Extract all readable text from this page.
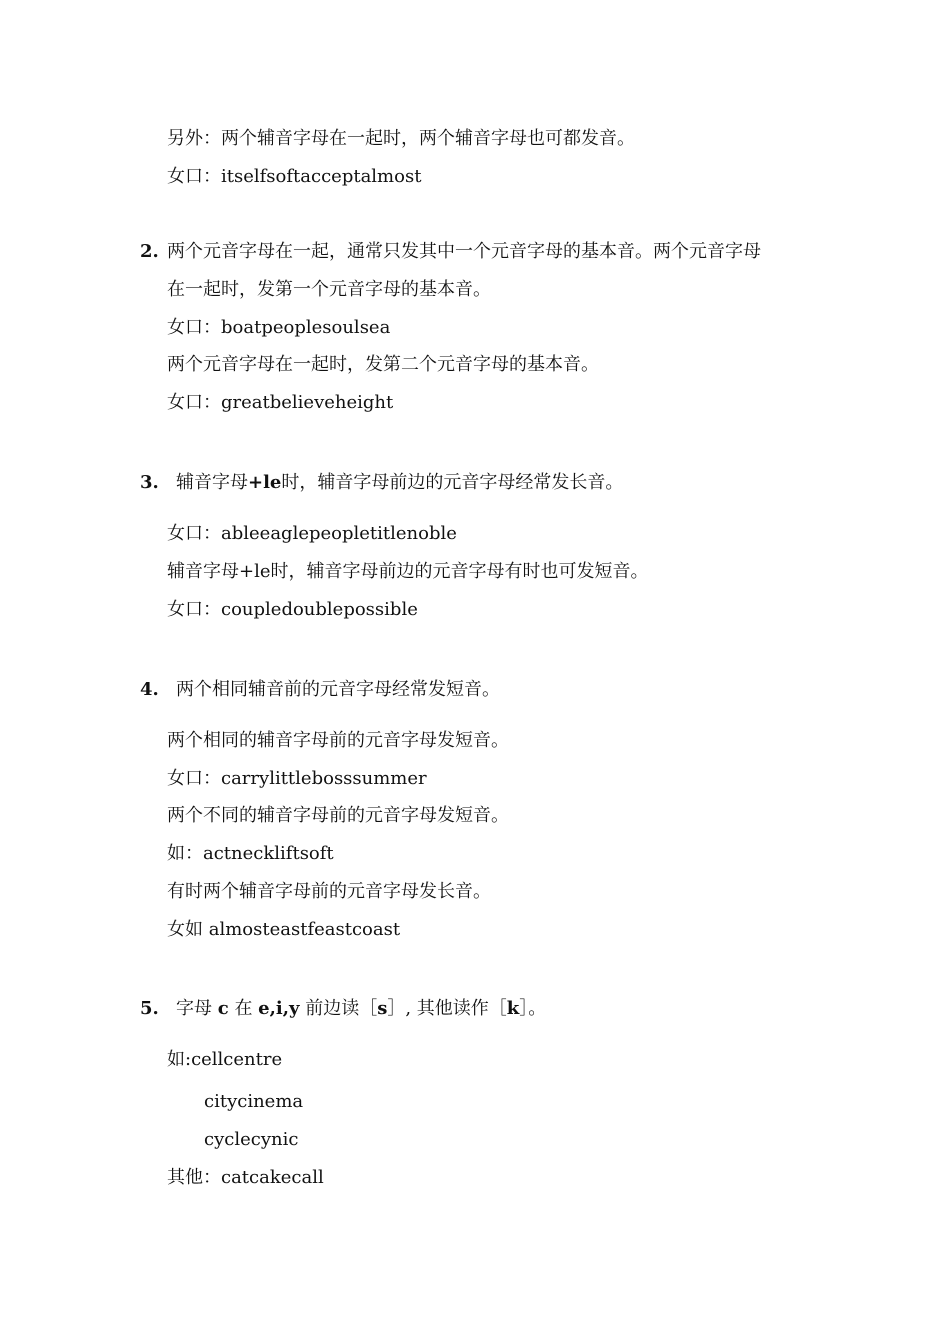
另外：两个辅音字母在一起时，两个辅音字母也可都发音。
女口：itselfsoftacceptalmost
2. 两个元音字母在一起，通常只发其中一个元音字母的基本音。两个元音字母
在一起时，发第一个元音字母的基本音。
女口：boatpeoplesoulsea
两个元音字母在一起时，发第二个元音字母的基本音。
女口：greatbelieveheight
3. 辅音字母+le时，辅音字母前边的元音字母经常发长音。
女口：ableeaglepeopletitlenoble
辅音字母+le时，辅音字母前边的元音字母有时也可发短音。
女口：coupledoublepossible
4. 两个相同辅音前的元音字母经常发短音。
两个相同的辅音字母前的元音字母发短音。
女口：carrylittlebosssummer
两个不同的辅音字母前的元音字母发短音。
如：actneckliftsoft
有时两个辅音字母前的元音字母发长音。
女如 almosteastfeastcoast
5. 字母 c 在 e,i,y 前边读［s］, 其他读作［k］。
如:cellcentre
citycinema
cyclecynic
其他：catcakecall
